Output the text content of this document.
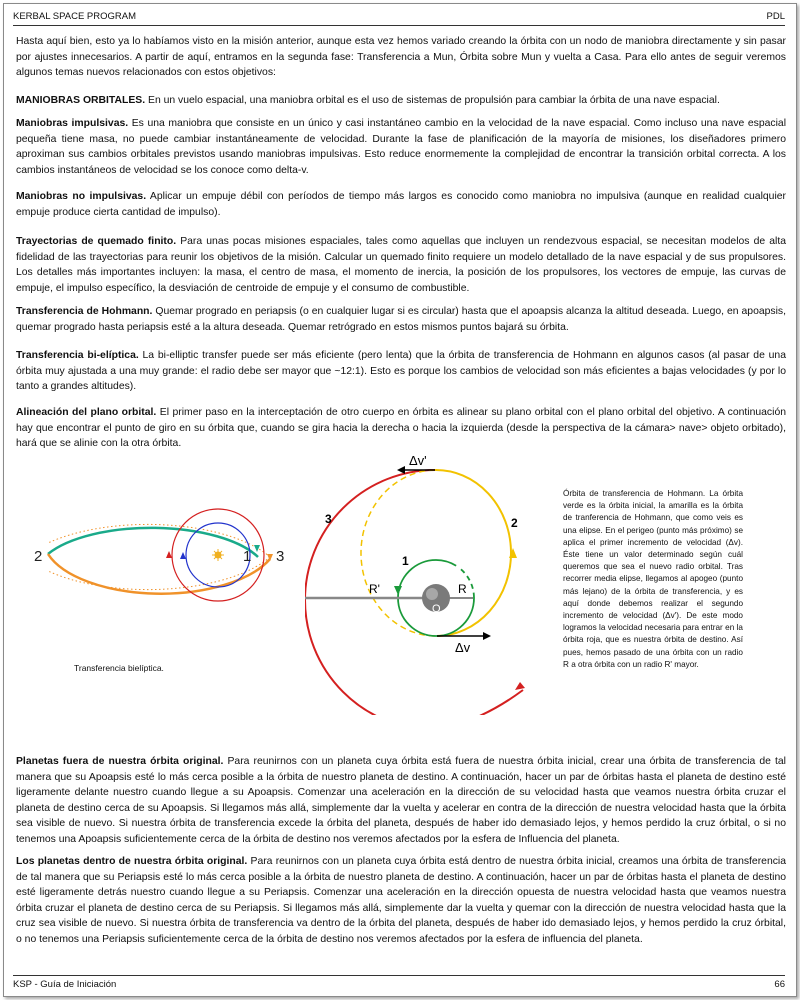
KERBAL SPACE PROGRAM	PDL

Hasta aquí bien, esto ya lo habíamos visto en la misión anterior, aunque esta vez hemos variado creando la órbita con un nodo de maniobra directamente y sin pasar por ajustes innecesarios. A partir de aquí, entramos en la segunda fase: Transferencia a Mun, Órbita sobre Mun y vuelta a Casa. Para ello antes de seguir veremos algunos temas nuevos relacionados con estos objetivos:

MANIOBRAS ORBITALES. En un vuelo espacial, una maniobra orbital es el uso de sistemas de propulsión para cambiar la órbita de una nave espacial.

Maniobras impulsivas. Es una maniobra que consiste en un único y casi instantáneo cambio en la velocidad de la nave espacial. Como incluso una nave espacial pequeña tiene masa, no puede cambiar instantáneamente de velocidad. Durante la fase de planificación de la mayoría de misiones, los diseñadores primero aproximan sus cambios orbitales previstos usando maniobras impulsivas. Esto reduce enormemente la complejidad de encontrar la transición orbital correcta. A los cambios instantáneos de velocidad se los conoce como delta-v.

Maniobras no impulsivas. Aplicar un empuje débil con períodos de tiempo más largos es conocido como maniobra no impulsiva (aunque en realidad cualquier empuje produce cierta cantidad de impulso).

Trayectorias de quemado finito. Para unas pocas misiones espaciales, tales como aquellas que incluyen un rendezvous espacial, se necesitan modelos de alta fidelidad de las trayectorias para reunir los objetivos de la misión. Calcular un quemado finito requiere un modelo detallado de la nave espacial y de sus propulsores. Los detalles más importantes incluyen: la masa, el centro de masa, el momento de inercia, la posición de los propulsores, los vectores de empuje, las curvas de empuje, el impulso específico, la desviación de centroide de empuje y el consumo de combustible.

Transferencia de Hohmann. Quemar progrado en periapsis (o en cualquier lugar si es circular) hasta que el apoapsis alcanza la altitud deseada. Luego, en apoapsis, quemar progrado hasta periapsis esté a la altura deseada. Quemar retrógrado en estos mismos puntos bajará su órbita.

Transferencia bi-elíptica. La bi-elliptic transfer puede ser más eficiente (pero lenta) que la órbita de transferencia de Hohmann en algunos casos (al pasar de una órbita muy ajustada a una muy grande: el radio debe ser mayor que ~12:1). Esto es porque los cambios de velocidad son más eficientes a bajas velocidades (y por lo tanto a grandes altitudes).

Alineación del plano orbital. El primer paso en la interceptación de otro cuerpo en órbita es alinear su plano orbital con el plano orbital del objetivo. A continuación hay que encontrar el punto de giro en su órbita que, cuando se gira hacia la derecha o hacia la izquierda (desde la perspectiva de la cámara> nave> objeto orbitado), hará que se alinie con la otra órbita.

2	1 3

Transferencia bielíptica.

Δv'
Δv
1
2
3
R
R'
O

Órbita de transferencia de Hohmann. La órbita verde es la órbita inicial, la amarilla es la órbita de tranferencia de Hohmann, que como veis es una elipse. En el perigeo (punto más próximo) se aplica el primer incremento de velocidad (Δv). Éste tiene un valor determinado según cuál queremos que sea el nuevo radio orbital. Tras recorrer media elipse, llegamos al apogeo (punto más lejano) de la órbita de transferencia, y es aquí donde debemos realizar el segundo incremento de velocidad (Δv'). De este modo logramos la velocidad necesaria para entrar en la órbita roja, que es nuestra órbita de destino. Así pues, hemos pasado de una órbita con un radio R a otra órbita con un radio R' mayor.

Planetas fuera de nuestra órbita original. Para reunirnos con un planeta cuya órbita está fuera de nuestra órbita inicial, crear una órbita de transferencia de tal manera que su Apoapsis esté lo más cerca posible a la órbita de nuestro planeta de destino. A continuación, hacer un par de órbitas hasta el planeta de destino esté ligeramente delante nuestro cuando llegue a su Apoapsis. Comenzar una aceleración en la dirección de su velocidad hasta que veamos nuestra órbita cruzar el planeta de destino cerca de su Apoapsis. Si llegamos más allá, simplemente dar la vuelta y acelerar en contra de la dirección de nuestra velocidad hasta que la órbita sea visible de nuevo. Si nuestra órbita de transferencia excede la órbita del planeta, después de haber ido demasiado lejos, y hemos perdido la cruz órbital, o si no tenemos una Apoapsis suficientemente cerca de la órbita de destino nos veremos afectados por la esfera de Influencia del planeta.

Los planetas dentro de nuestra órbita original. Para reunirnos con un planeta cuya órbita está dentro de nuestra órbita inicial, creamos una órbita de transferencia de tal manera que su Periapsis esté lo más cerca posible a la órbita de nuestro planeta de destino. A continuación, hacer un par de órbitas hasta el planeta de destino esté ligeramente detrás nuestro cuando llegue a su Periapsis. Comenzar una aceleración en la dirección opuesta de nuestra velocidad hasta que veamos nuestra órbita cruzar el planeta de destino cerca de su Periapsis. Si llegamos más allá, simplemente dar la vuelta y quemar con la dirección de nuestra velocidad hasta que la cruz sea visible de nuevo. Si nuestra órbita de transferencia va dentro de la órbita del planeta, después de haber ido demasiado lejos, y hemos perdido la cruz órbital, o no tenemos una Periapsis suficientemente cerca de la órbita de destino nos veremos afectados por la esfera de influencia del planeta.

KSP - Guía de Iniciación	66
